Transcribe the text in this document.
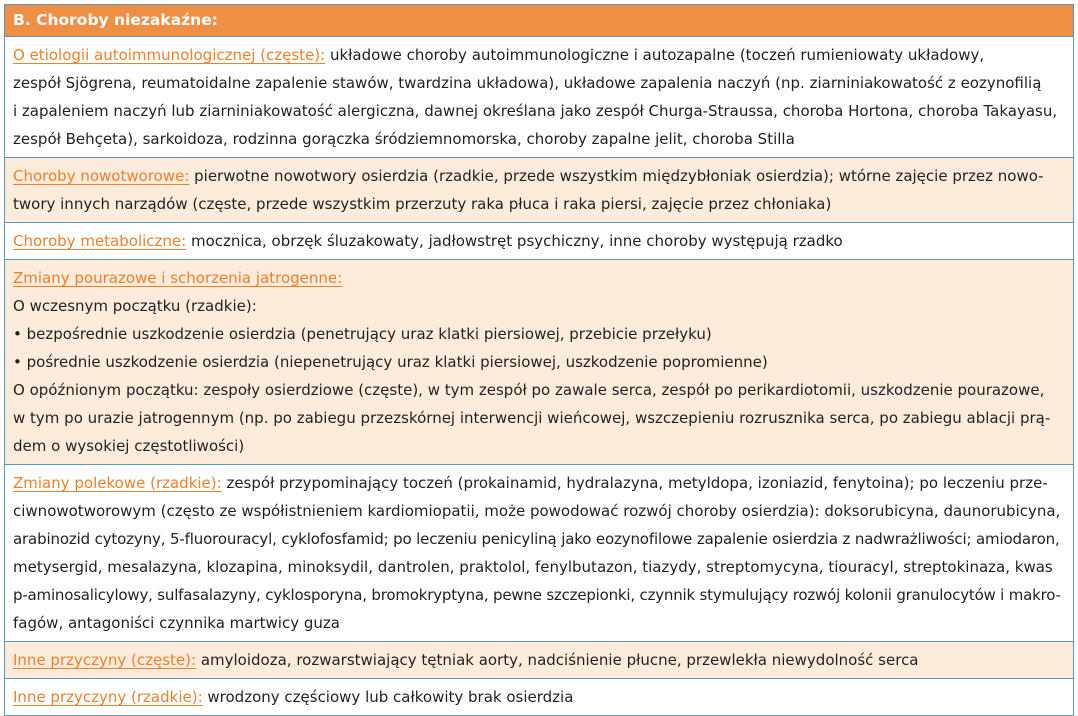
B. Choroby niezakaźne:
O etiologii autoimmunologicznej (częste): układowe choroby autoimmunologiczne i autozapalne (toczeń rumieniowaty układowy,
zespół Sjögrena, reumatoidalne zapalenie stawów, twardzina układowa), układowe zapalenia naczyń (np. ziarniniakowatość z eozynofilią
i zapaleniem naczyń lub ziarniniakowatość alergiczna, dawnej określana jako zespół Churga-Straussa, choroba Hortona, choroba Takayasu,
zespół Behçeta), sarkoidoza, rodzinna gorączka śródziemnomorska, choroby zapalne jelit, choroba Stilla
Choroby nowotworowe: pierwotne nowotwory osierdzia (rzadkie, przede wszystkim międzybłoniak osierdzia); wtórne zajęcie przez nowo-
twory innych narządów (częste, przede wszystkim przerzuty raka płuca i raka piersi, zajęcie przez chłoniaka)
Choroby metaboliczne: mocznica, obrzęk śluzakowaty, jadłowstręt psychiczny, inne choroby występują rzadko
Zmiany pourazowe i schorzenia jatrogenne:
O wczesnym początku (rzadkie):
• bezpośrednie uszkodzenie osierdzia (penetrujący uraz klatki piersiowej, przebicie przełyku)
• pośrednie uszkodzenie osierdzia (niepenetrujący uraz klatki piersiowej, uszkodzenie popromienne)
O opóźnionym początku: zespoły osierdziowe (częste), w tym zespół po zawale serca, zespół po perikardiotomii, uszkodzenie pourazowe,
w tym po urazie jatrogennym (np. po zabiegu przezskórnej interwencji wieńcowej, wszczepieniu rozrusznika serca, po zabiegu ablacji prą-
dem o wysokiej częstotliwości)
Zmiany polekowe (rzadkie): zespół przypominający toczeń (prokainamid, hydralazyna, metyldopa, izoniazid, fenytoina); po leczeniu prze-
ciwnowotworowym (często ze współistnieniem kardiomiopatii, może powodować rozwój choroby osierdzia): doksorubicyna, daunorubicyna,
arabinozid cytozyny, 5-fluorouracyl, cyklofosfamid; po leczeniu penicyliną jako eozynofilowe zapalenie osierdzia z nadwrażliwości; amiodaron,
metysergid, mesalazyna, klozapina, minoksydil, dantrolen, praktolol, fenylbutazon, tiazydy, streptomycyna, tiouracyl, streptokinaza, kwas
p-aminosalicylowy, sulfasalazyny, cyklosporyna, bromokryptyna, pewne szczepionki, czynnik stymulujący rozwój kolonii granulocytów i makro-
fagów, antagoniści czynnika martwicy guza
Inne przyczyny (częste): amyloidoza, rozwarstwiający tętniak aorty, nadciśnienie płucne, przewlekła niewydolność serca
Inne przyczyny (rzadkie): wrodzony częściowy lub całkowity brak osierdzia
